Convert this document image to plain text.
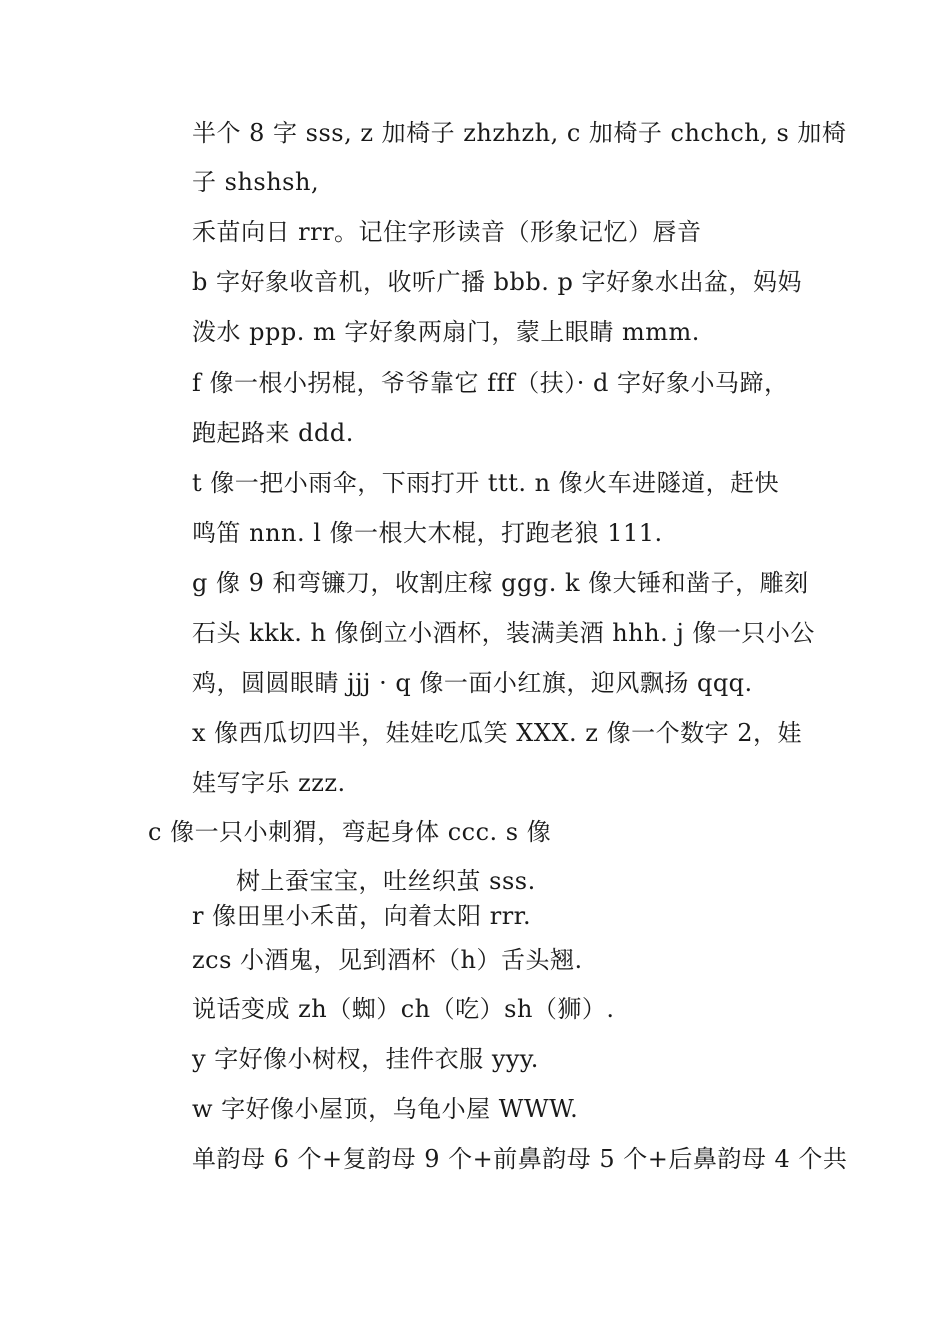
半个 8 字 sss, z 加椅子 zhzhzh, c 加椅子 chchch, s 加椅
子 shshsh,
禾苗向日 rrr。记住字形读音（形象记忆）唇音
b 字好象收音机，收听广播 bbb. p 字好象水出盆，妈妈
泼水 ppp. m 字好象两扇门，蒙上眼睛 mmm.
f 像一根小拐棍，爷爷靠它 fff（扶）· d 字好象小马蹄，
跑起路来 ddd.
t 像一把小雨伞，下雨打开 ttt. n 像火车进隧道，赶快
鸣笛 nnn. l 像一根大木棍，打跑老狼 111.
g 像 9 和弯镰刀，收割庄稼 ggg. k 像大锤和凿子，雕刻
石头 kkk. h 像倒立小酒杯，装满美酒 hhh. j 像一只小公
鸡，圆圆眼睛 jjj · q 像一面小红旗，迎风飘扬 qqq.
x 像西瓜切四半，娃娃吃瓜笑 XXX. z 像一个数字 2，娃
娃写字乐 zzz.
c 像一只小刺猬，弯起身体 ccc. s 像
树上蚕宝宝，吐丝织茧 sss.
r 像田里小禾苗，向着太阳 rrr.
zcs 小酒鬼，见到酒杯（h）舌头翘.
说话变成 zh（蜘）ch（吃）sh（狮）.
y 字好像小树杈，挂件衣服 yyy.
w 字好像小屋顶，乌龟小屋 WWW.
单韵母 6 个+复韵母 9 个+前鼻韵母 5 个+后鼻韵母 4 个共
